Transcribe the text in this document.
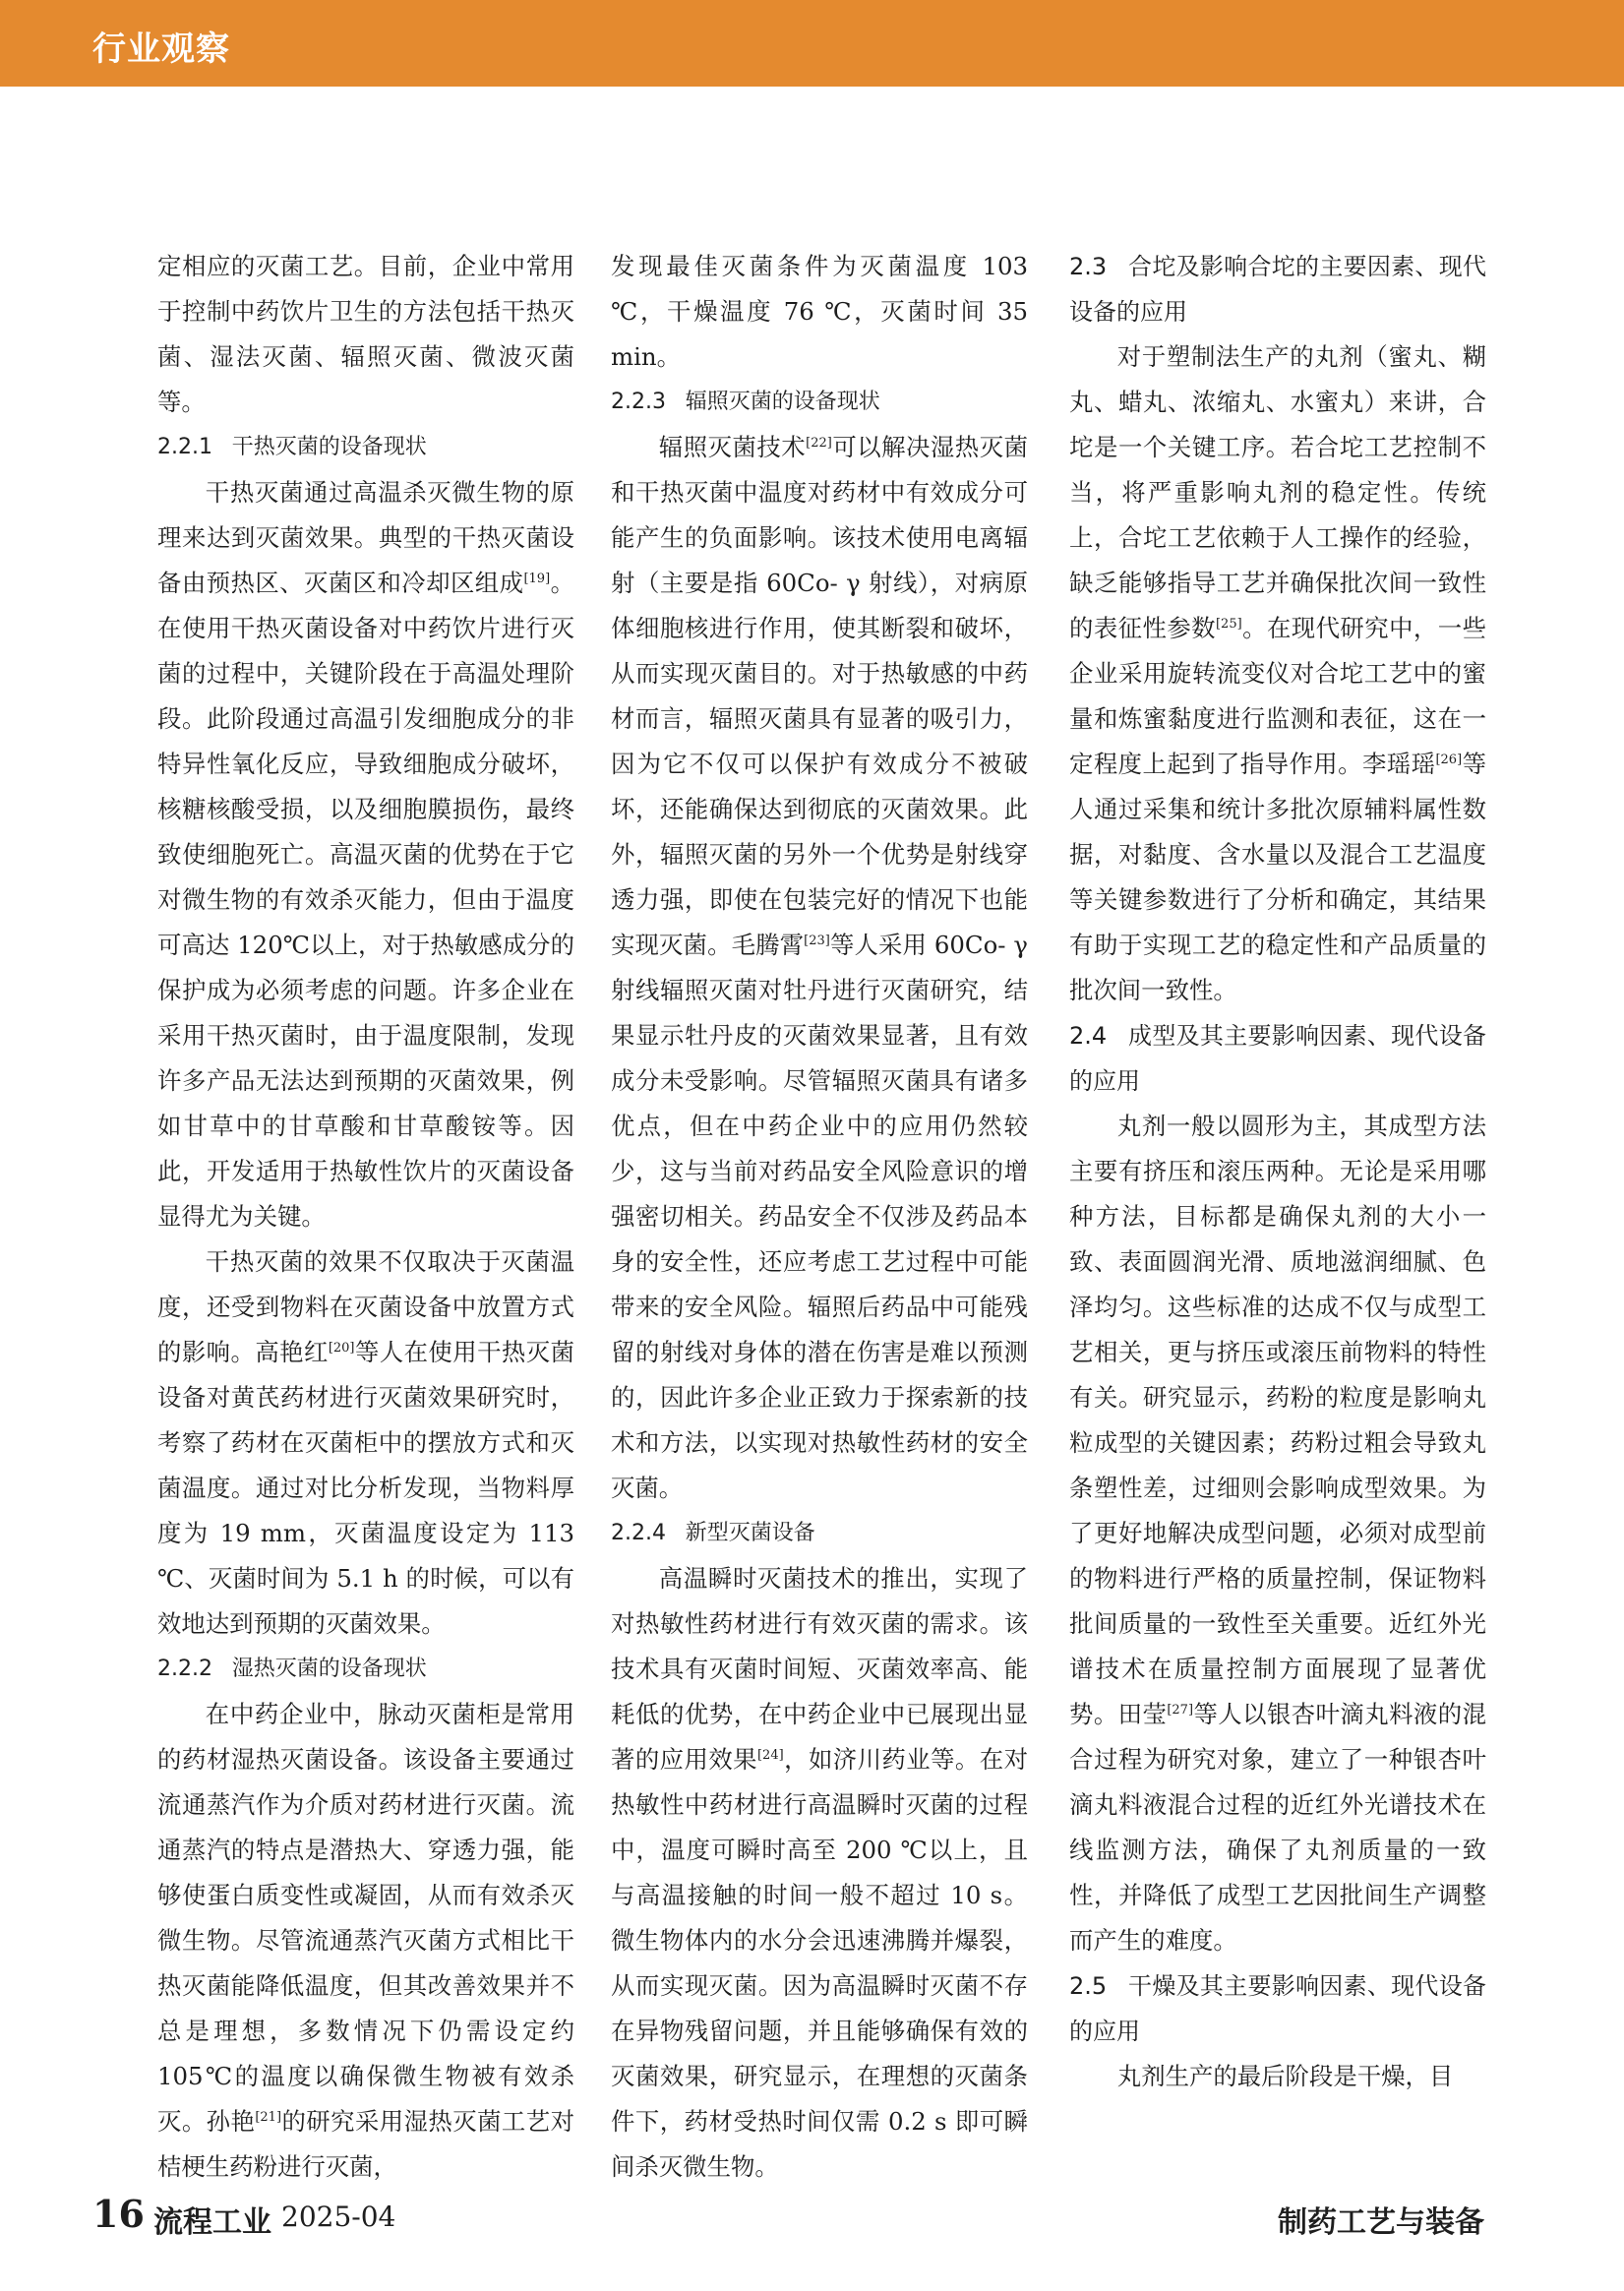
行业观察

定相应的灭菌工艺。目前，企业中常用于控制中药饮片卫生的方法包括干热灭菌、湿法灭菌、辐照灭菌、微波灭菌等。

2.2.1 干热灭菌的设备现状

干热灭菌通过高温杀灭微生物的原理来达到灭菌效果。典型的干热灭菌设备由预热区、灭菌区和冷却区组成[19]。在使用干热灭菌设备对中药饮片进行灭菌的过程中，关键阶段在于高温处理阶段。此阶段通过高温引发细胞成分的非特异性氧化反应，导致细胞成分破坏，核糖核酸受损，以及细胞膜损伤，最终致使细胞死亡。高温灭菌的优势在于它对微生物的有效杀灭能力，但由于温度可高达 120℃以上，对于热敏感成分的保护成为必须考虑的问题。许多企业在采用干热灭菌时，由于温度限制，发现许多产品无法达到预期的灭菌效果，例如甘草中的甘草酸和甘草酸铵等。因此，开发适用于热敏性饮片的灭菌设备显得尤为关键。

干热灭菌的效果不仅取决于灭菌温度，还受到物料在灭菌设备中放置方式的影响。高艳红[20]等人在使用干热灭菌设备对黄芪药材进行灭菌效果研究时，考察了药材在灭菌柜中的摆放方式和灭菌温度。通过对比分析发现，当物料厚度为 19 mm，灭菌温度设定为 113 ℃、灭菌时间为 5.1 h 的时候，可以有效地达到预期的灭菌效果。

2.2.2 湿热灭菌的设备现状

在中药企业中，脉动灭菌柜是常用的药材湿热灭菌设备。该设备主要通过流通蒸汽作为介质对药材进行灭菌。流通蒸汽的特点是潜热大、穿透力强，能够使蛋白质变性或凝固，从而有效杀灭微生物。尽管流通蒸汽灭菌方式相比干热灭菌能降低温度，但其改善效果并不总是理想，多数情况下仍需设定约 105℃的温度以确保微生物被有效杀灭。孙艳[21]的研究采用湿热灭菌工艺对桔梗生药粉进行灭菌，

发现最佳灭菌条件为灭菌温度 103 ℃，干燥温度 76 ℃，灭菌时间 35 min。

2.2.3 辐照灭菌的设备现状

辐照灭菌技术[22]可以解决湿热灭菌和干热灭菌中温度对药材中有效成分可能产生的负面影响。该技术使用电离辐射（主要是指 60Co- γ 射线），对病原体细胞核进行作用，使其断裂和破坏，从而实现灭菌目的。对于热敏感的中药材而言，辐照灭菌具有显著的吸引力，因为它不仅可以保护有效成分不被破坏，还能确保达到彻底的灭菌效果。此外，辐照灭菌的另外一个优势是射线穿透力强，即使在包装完好的情况下也能实现灭菌。毛腾霄[23]等人采用 60Co- γ 射线辐照灭菌对牡丹进行灭菌研究，结果显示牡丹皮的灭菌效果显著，且有效成分未受影响。尽管辐照灭菌具有诸多优点，但在中药企业中的应用仍然较少，这与当前对药品安全风险意识的增强密切相关。药品安全不仅涉及药品本身的安全性，还应考虑工艺过程中可能带来的安全风险。辐照后药品中可能残留的射线对身体的潜在伤害是难以预测的，因此许多企业正致力于探索新的技术和方法，以实现对热敏性药材的安全灭菌。

2.2.4 新型灭菌设备

高温瞬时灭菌技术的推出，实现了对热敏性药材进行有效灭菌的需求。该技术具有灭菌时间短、灭菌效率高、能耗低的优势，在中药企业中已展现出显著的应用效果[24]，如济川药业等。在对热敏性中药材进行高温瞬时灭菌的过程中，温度可瞬时高至 200 ℃以上，且与高温接触的时间一般不超过 10 s。微生物体内的水分会迅速沸腾并爆裂，从而实现灭菌。因为高温瞬时灭菌不存在异物残留问题，并且能够确保有效的灭菌效果，研究显示，在理想的灭菌条件下，药材受热时间仅需 0.2 s 即可瞬间杀灭微生物。

2.3 合坨及影响合坨的主要因素、现代设备的应用

对于塑制法生产的丸剂（蜜丸、糊丸、蜡丸、浓缩丸、水蜜丸）来讲，合坨是一个关键工序。若合坨工艺控制不当，将严重影响丸剂的稳定性。传统上，合坨工艺依赖于人工操作的经验，缺乏能够指导工艺并确保批次间一致性的表征性参数[25]。在现代研究中，一些企业采用旋转流变仪对合坨工艺中的蜜量和炼蜜黏度进行监测和表征，这在一定程度上起到了指导作用。李瑶瑶[26]等人通过采集和统计多批次原辅料属性数据，对黏度、含水量以及混合工艺温度等关键参数进行了分析和确定，其结果有助于实现工艺的稳定性和产品质量的批次间一致性。

2.4 成型及其主要影响因素、现代设备的应用

丸剂一般以圆形为主，其成型方法主要有挤压和滚压两种。无论是采用哪种方法，目标都是确保丸剂的大小一致、表面圆润光滑、质地滋润细腻、色泽均匀。这些标准的达成不仅与成型工艺相关，更与挤压或滚压前物料的特性有关。研究显示，药粉的粒度是影响丸粒成型的关键因素；药粉过粗会导致丸条塑性差，过细则会影响成型效果。为了更好地解决成型问题，必须对成型前的物料进行严格的质量控制，保证物料批间质量的一致性至关重要。近红外光谱技术在质量控制方面展现了显著优势。田莹[27]等人以银杏叶滴丸料液的混合过程为研究对象，建立了一种银杏叶滴丸料液混合过程的近红外光谱技术在线监测方法，确保了丸剂质量的一致性，并降低了成型工艺因批间生产调整而产生的难度。

2.5 干燥及其主要影响因素、现代设备的应用

丸剂生产的最后阶段是干燥，目

16 流程工业 2025-04	制药工艺与装备
